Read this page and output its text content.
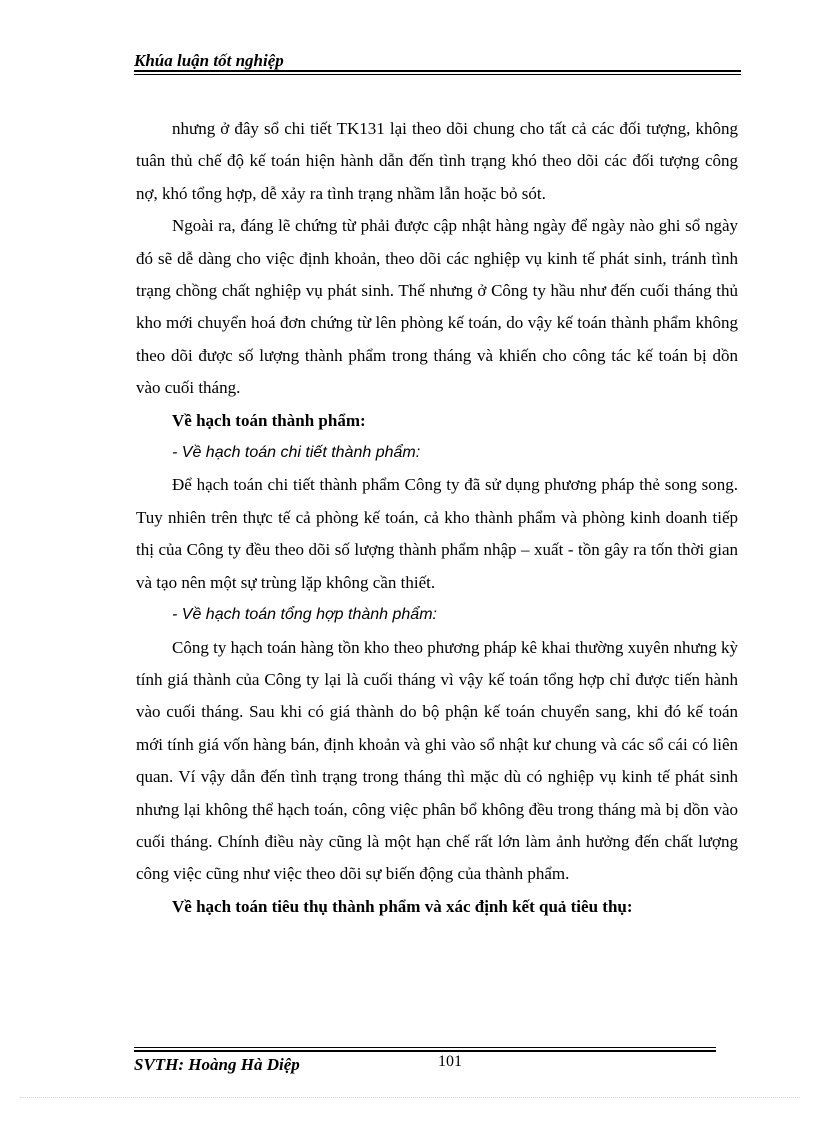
Khúa luận tốt nghiệp

nhưng ở đây sổ chi tiết TK131 lại theo dõi chung cho tất cả các đối tượng, không tuân thủ chế độ kế toán hiện hành dẫn đến tình trạng khó theo dõi các đối tượng công nợ, khó tổng hợp, dễ xảy ra tình trạng nhầm lẫn hoặc bỏ sót.

Ngoài ra, đáng lẽ chứng từ phải được cập nhật hàng ngày để ngày nào ghi sổ ngày đó sẽ dễ dàng cho việc định khoản, theo dõi các nghiệp vụ kinh tế phát sinh, tránh tình trạng chồng chất nghiệp vụ phát sinh. Thế nhưng ở Công ty hầu như đến cuối tháng thủ kho mới chuyển hoá đơn chứng từ lên phòng kế toán, do vậy kế toán thành phẩm không theo dõi được số lượng thành phẩm trong tháng và khiến cho công tác kế toán bị dồn vào cuối tháng.

Về hạch toán thành phẩm:

- Về hạch toán chi tiết thành phẩm:

Để hạch toán chi tiết thành phẩm Công ty đã sử dụng phương pháp thẻ song song. Tuy nhiên trên thực tế cả phòng kế toán, cả kho thành phẩm và phòng kinh doanh tiếp thị của Công ty đều theo dõi số lượng thành phẩm nhập – xuất - tồn gây ra tốn thời gian và tạo nên một sự trùng lặp không cần thiết.

- Về hạch toán tổng hợp thành phẩm:

Công ty hạch toán hàng tồn kho theo phương pháp kê khai thường xuyên nhưng kỳ tính giá thành của Công ty lại là cuối tháng vì vậy kế toán tổng hợp chỉ được tiến hành vào cuối tháng. Sau khi có giá thành do bộ phận kế toán chuyển sang, khi đó kế toán mới tính giá vốn hàng bán, định khoản và ghi vào sổ nhật kư chung và các sổ cái có liên quan. Ví vậy dẫn đến tình trạng trong tháng thì mặc dù có nghiệp vụ kinh tế phát sinh nhưng lại không thể hạch toán, công việc phân bổ không đều trong tháng mà bị dồn vào cuối tháng. Chính điều này cũng là một hạn chế rất lớn làm ảnh hưởng đến chất lượng công việc cũng như việc theo dõi sự biến động của thành phẩm.

Về hạch toán tiêu thụ thành phẩm và xác định kết quả tiêu thụ:

SVTH: Hoàng Hà Diệp	101
